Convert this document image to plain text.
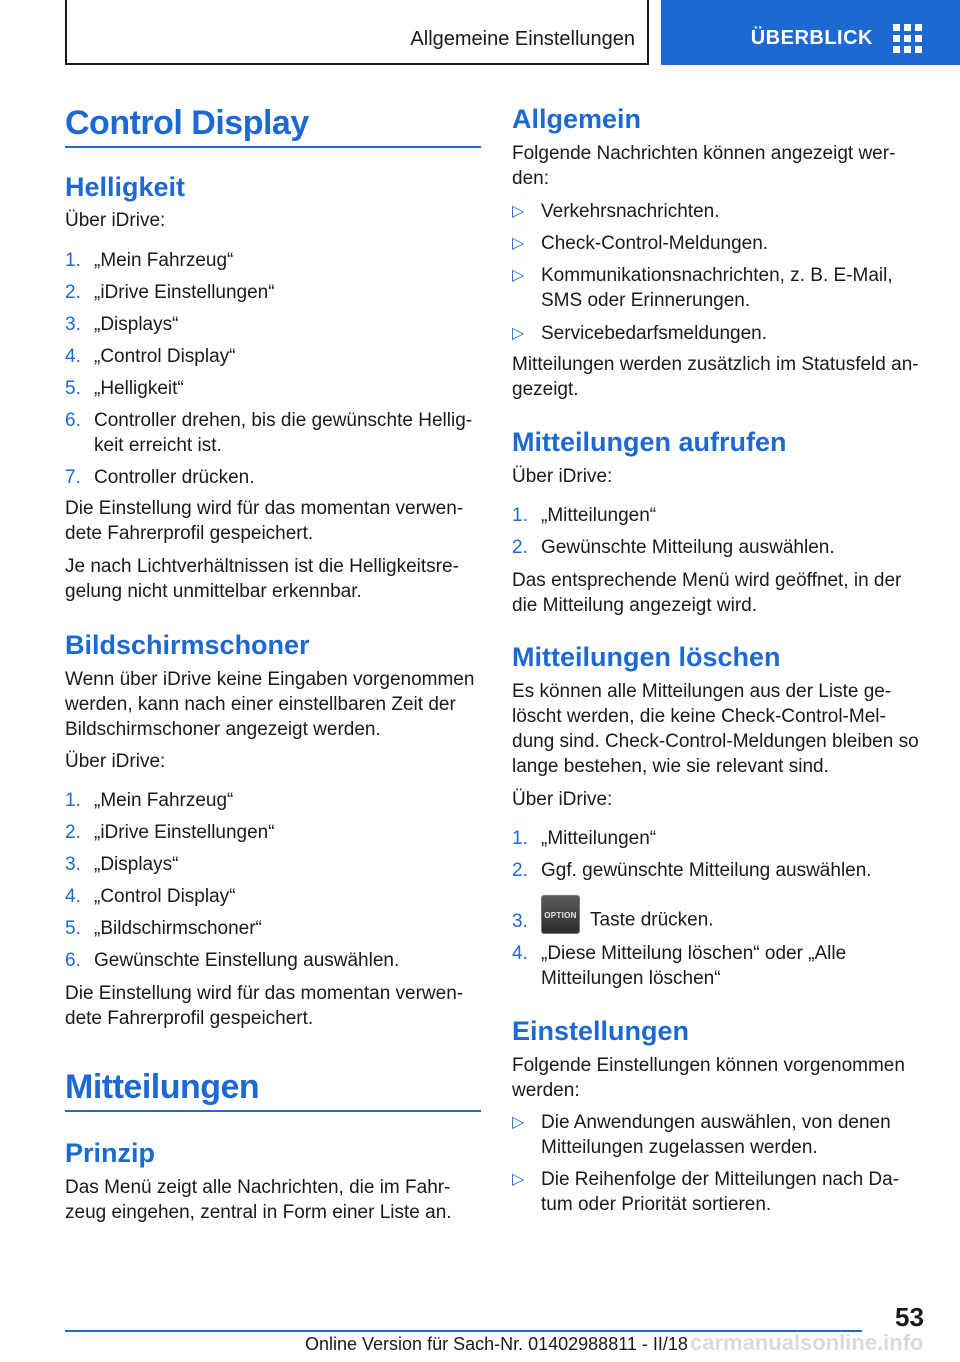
Allgemeine Einstellungen	ÜBERBLICK
Control Display
Helligkeit
Über iDrive:
1. „Mein Fahrzeug“
2. „iDrive Einstellungen“
3. „Displays“
4. „Control Display“
5. „Helligkeit“
6. Controller drehen, bis die gewünschte Hellig-
keit erreicht ist.
7. Controller drücken.
Die Einstellung wird für das momentan verwen-
dete Fahrerprofil gespeichert.
Je nach Lichtverhältnissen ist die Helligkeitsre-
gelung nicht unmittelbar erkennbar.
Bildschirmschoner
Wenn über iDrive keine Eingaben vorgenommen
werden, kann nach einer einstellbaren Zeit der
Bildschirmschoner angezeigt werden.
Über iDrive:
1. „Mein Fahrzeug“
2. „iDrive Einstellungen“
3. „Displays“
4. „Control Display“
5. „Bildschirmschoner“
6. Gewünschte Einstellung auswählen.
Die Einstellung wird für das momentan verwen-
dete Fahrerprofil gespeichert.
Mitteilungen
Prinzip
Das Menü zeigt alle Nachrichten, die im Fahr-
zeug eingehen, zentral in Form einer Liste an.
Allgemein
Folgende Nachrichten können angezeigt wer-
den:
▷ Verkehrsnachrichten.
▷ Check-Control-Meldungen.
▷ Kommunikationsnachrichten, z. B. E-Mail,
SMS oder Erinnerungen.
▷ Servicebedarfsmeldungen.
Mitteilungen werden zusätzlich im Statusfeld an-
gezeigt.
Mitteilungen aufrufen
Über iDrive:
1. „Mitteilungen“
2. Gewünschte Mitteilung auswählen.
Das entsprechende Menü wird geöffnet, in der
die Mitteilung angezeigt wird.
Mitteilungen löschen
Es können alle Mitteilungen aus der Liste ge-
löscht werden, die keine Check-Control-Mel-
dung sind. Check-Control-Meldungen bleiben so
lange bestehen, wie sie relevant sind.
Über iDrive:
1. „Mitteilungen“
2. Ggf. gewünschte Mitteilung auswählen.
3.	OPTION Taste drücken.
4. „Diese Mitteilung löschen“ oder „Alle
Mitteilungen löschen“
Einstellungen
Folgende Einstellungen können vorgenommen
werden:
▷ Die Anwendungen auswählen, von denen
Mitteilungen zugelassen werden.
▷ Die Reihenfolge der Mitteilungen nach Da-
tum oder Priorität sortieren.
53
Online Version für Sach-Nr. 01402988811 - II/18 carmanualsonline.info
